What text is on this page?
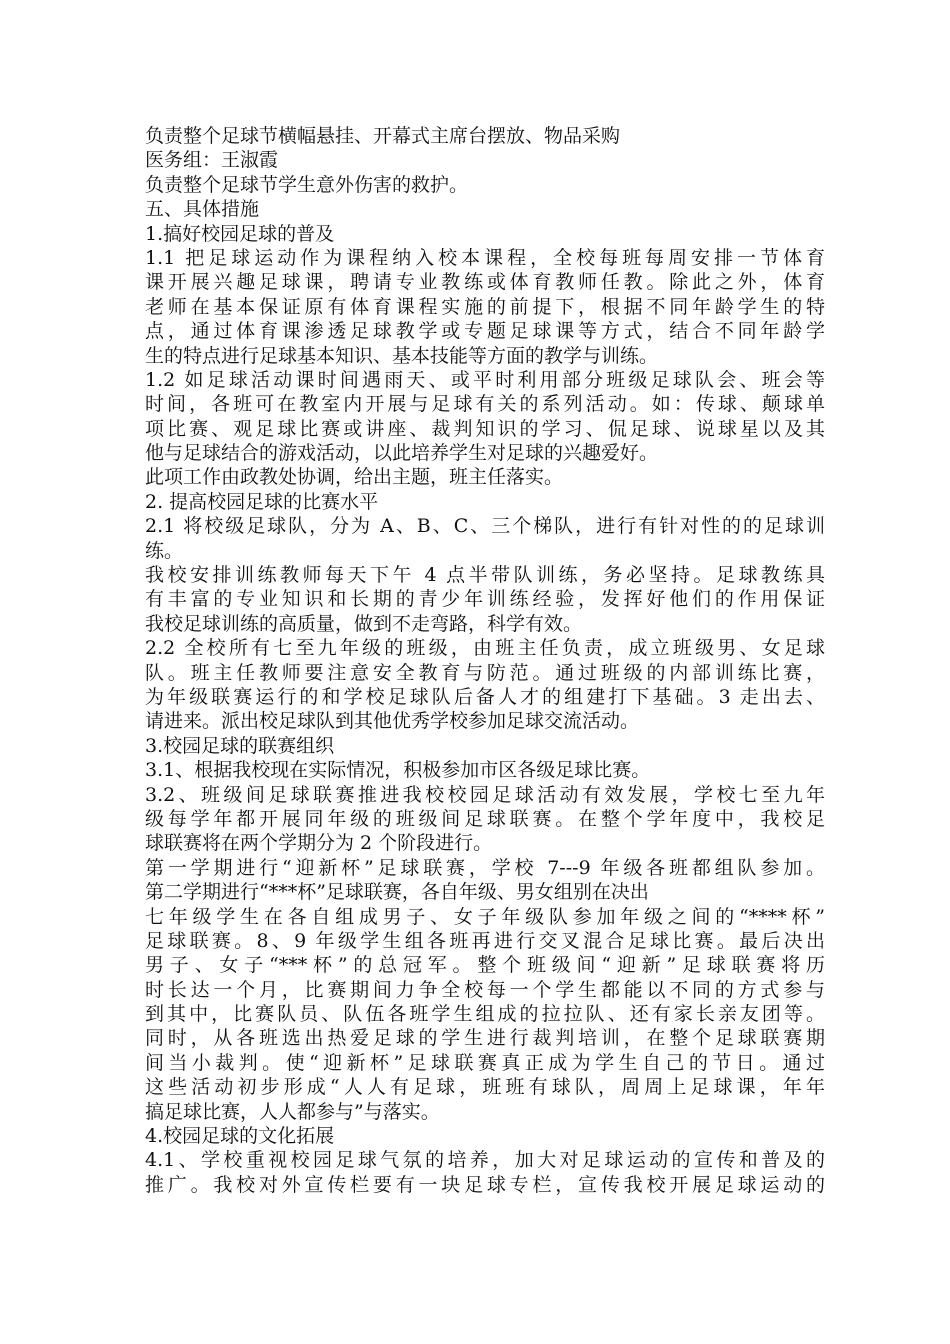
负责整个足球节横幅悬挂、开幕式主席台摆放、物品采购
医务组：王淑霞
负责整个足球节学生意外伤害的救护。
五、具体措施
1.搞好校园足球的普及
1.1 把足球运动作为课程纳入校本课程，全校每班每周安排一节体育
课开展兴趣足球课，聘请专业教练或体育教师任教。除此之外，体育
老师在基本保证原有体育课程实施的前提下，根据不同年龄学生的特
点，通过体育课渗透足球教学或专题足球课等方式，结合不同年龄学
生的特点进行足球基本知识、基本技能等方面的教学与训练。
1.2 如足球活动课时间遇雨天、或平时利用部分班级足球队会、班会等
时间，各班可在教室内开展与足球有关的系列活动。如：传球、颠球单
项比赛、观足球比赛或讲座、裁判知识的学习、侃足球、说球星以及其
他与足球结合的游戏活动，以此培养学生对足球的兴趣爱好。
此项工作由政教处协调，给出主题，班主任落实。
2. 提高校园足球的比赛水平
2.1 将校级足球队，分为 A、B、C、三个梯队，进行有针对性的的足球训
练。
我校安排训练教师每天下午 4 点半带队训练，务必坚持。足球教练具
有丰富的专业知识和长期的青少年训练经验，发挥好他们的作用保证
我校足球训练的高质量，做到不走弯路，科学有效。
2.2 全校所有七至九年级的班级，由班主任负责，成立班级男、女足球
队。班主任教师要注意安全教育与防范。通过班级的内部训练比赛，
为年级联赛运行的和学校足球队后备人才的组建打下基础。3 走出去、
请进来。派出校足球队到其他优秀学校参加足球交流活动。
3.校园足球的联赛组织
3.1、根据我校现在实际情况，积极参加市区各级足球比赛。
3.2、班级间足球联赛推进我校校园足球活动有效发展，学校七至九年
级每学年都开展同年级的班级间足球联赛。在整个学年度中，我校足
球联赛将在两个学期分为 2 个阶段进行。
第一学期进行“迎新杯”足球联赛，学校 7---9 年级各班都组队参加。
第二学期进行“***杯”足球联赛，各自年级、男女组别在决出
七年级学生在各自组成男子、女子年级队参加年级之间的“****杯”
足球联赛。8、9 年级学生组各班再进行交叉混合足球比赛。最后决出
男子、女子“***杯”的总冠军。整个班级间“迎新”足球联赛将历
时长达一个月，比赛期间力争全校每一个学生都能以不同的方式参与
到其中，比赛队员、队伍各班学生组成的拉拉队、还有家长亲友团等。
同时，从各班选出热爱足球的学生进行裁判培训，在整个足球联赛期
间当小裁判。使“迎新杯”足球联赛真正成为学生自己的节日。通过
这些活动初步形成“人人有足球，班班有球队，周周上足球课，年年
搞足球比赛，人人都参与”与落实。
4.校园足球的文化拓展
4.1、学校重视校园足球气氛的培养，加大对足球运动的宣传和普及的
推广。我校对外宣传栏要有一块足球专栏，宣传我校开展足球运动的
